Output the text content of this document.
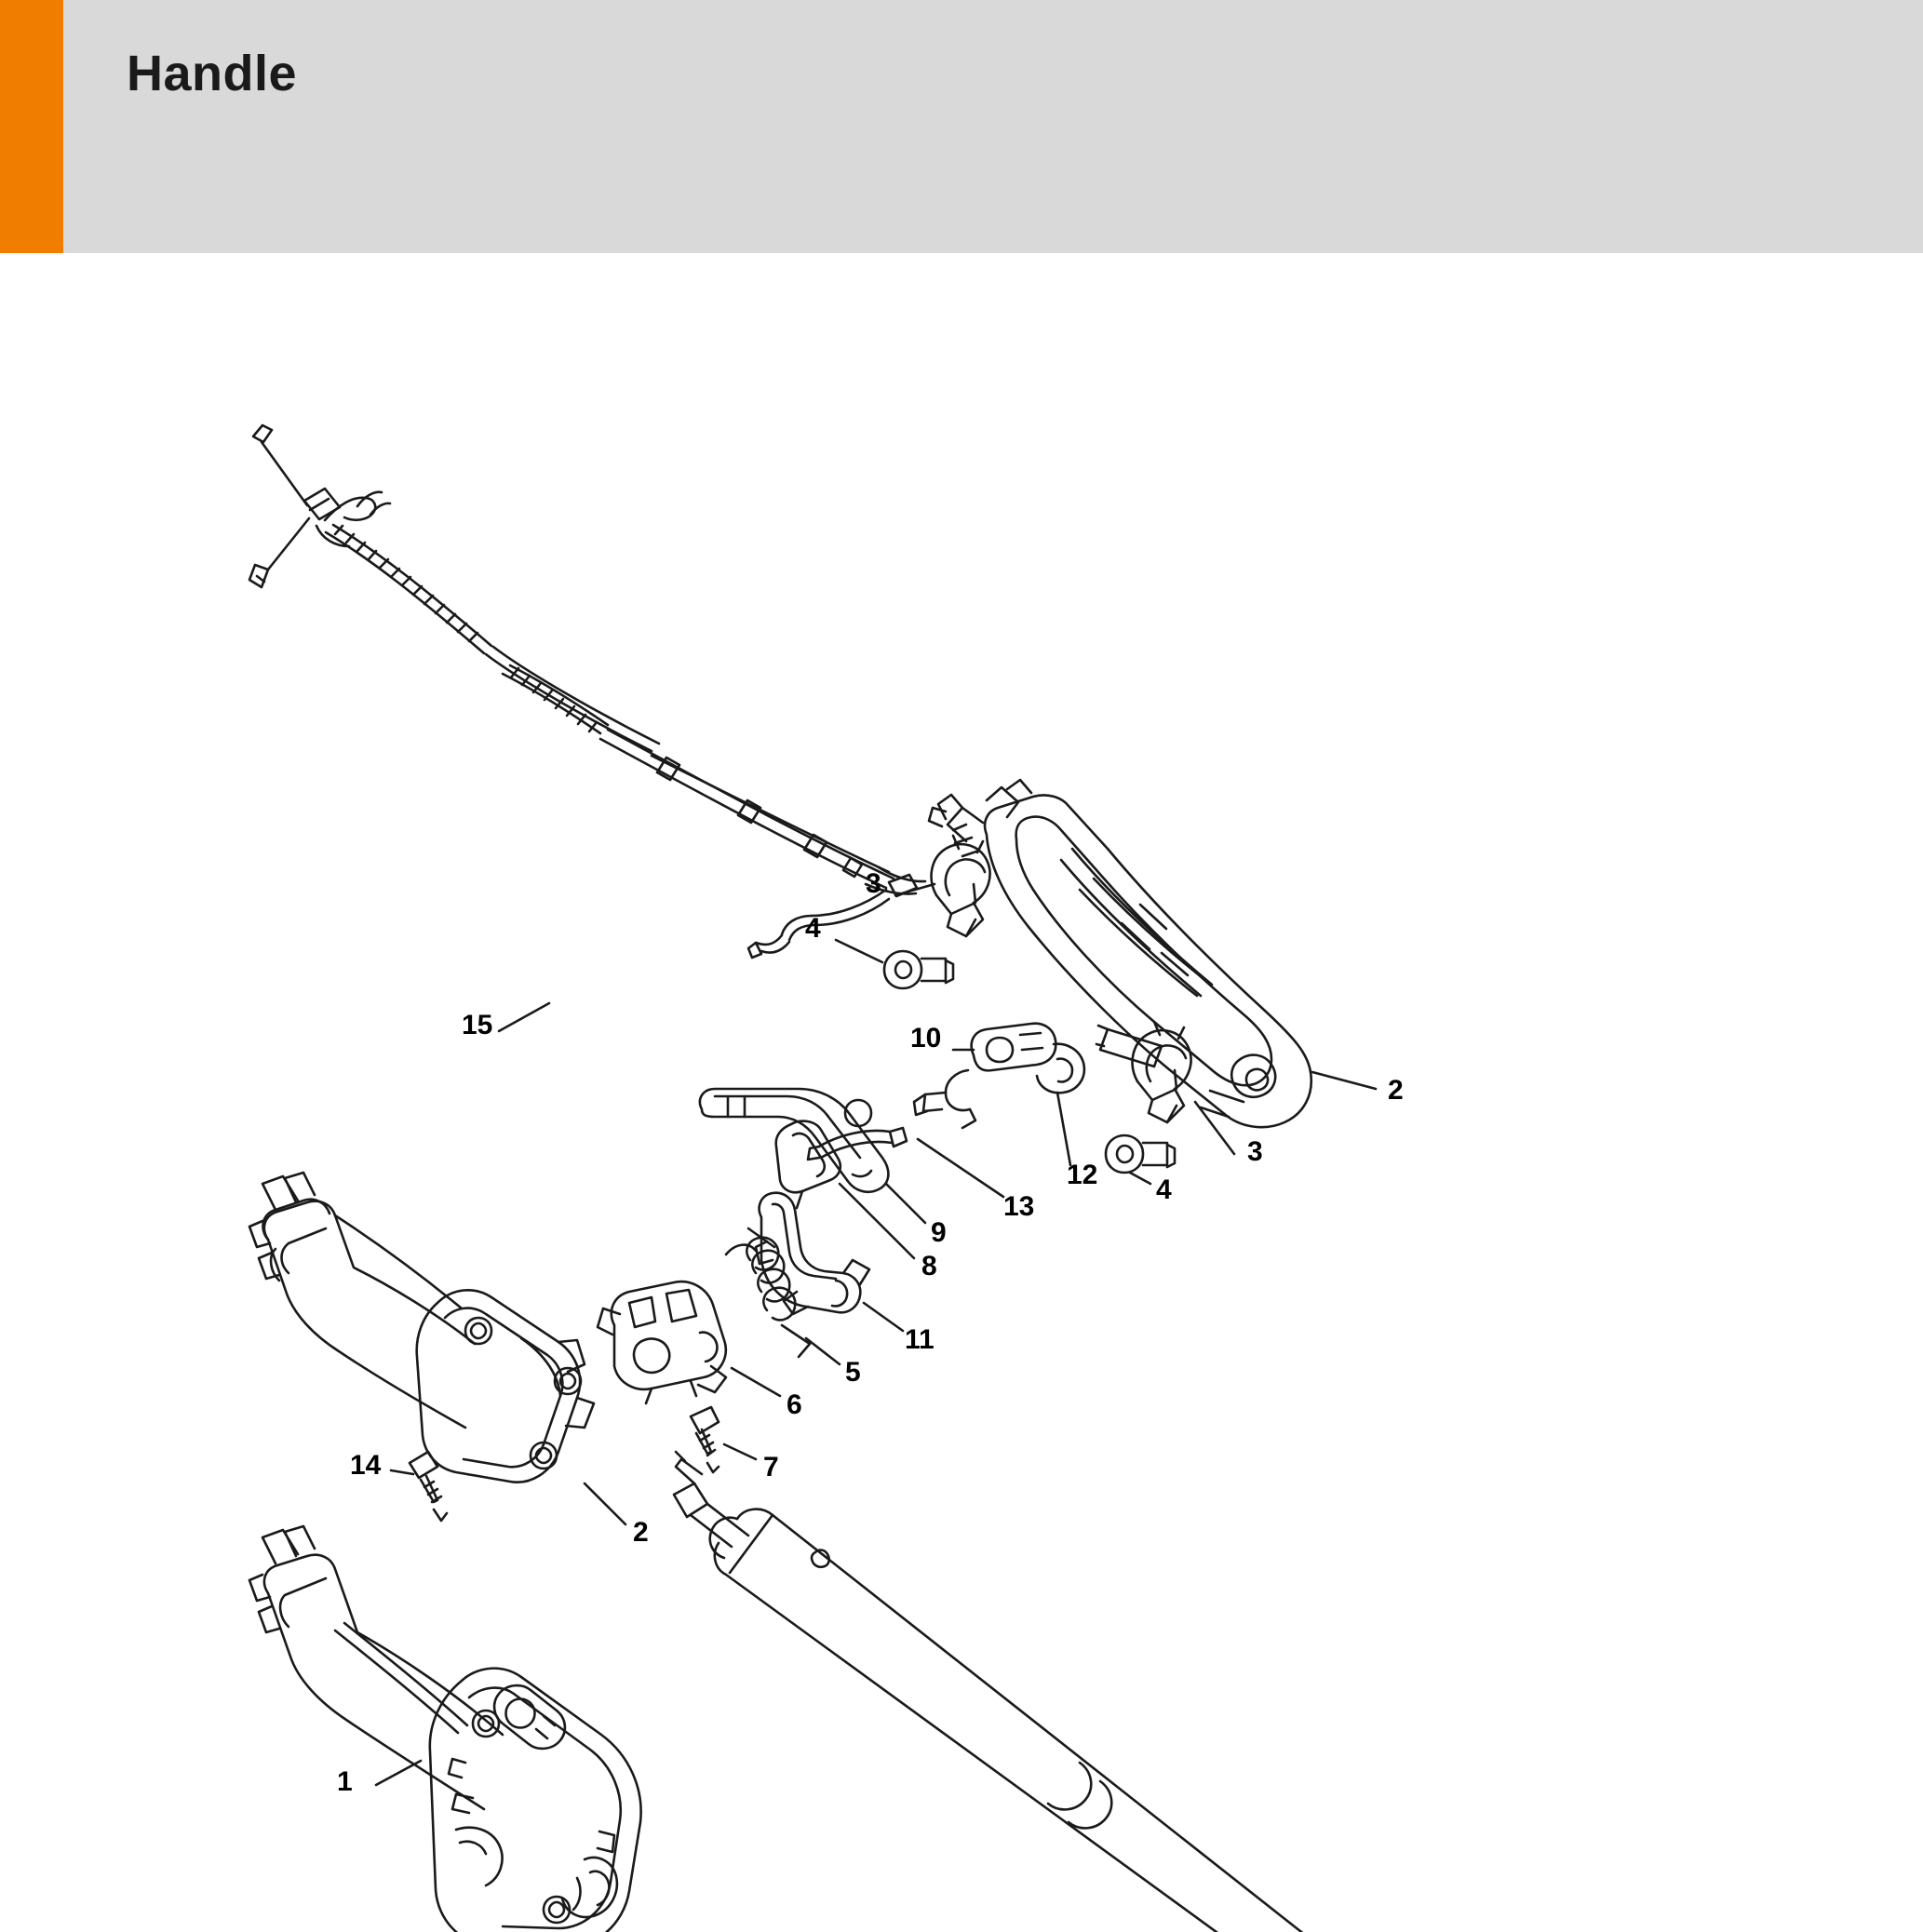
Handle
3
4
2
15	10
3
4
12
13
9
8
11
5
6
7
14
2
1
